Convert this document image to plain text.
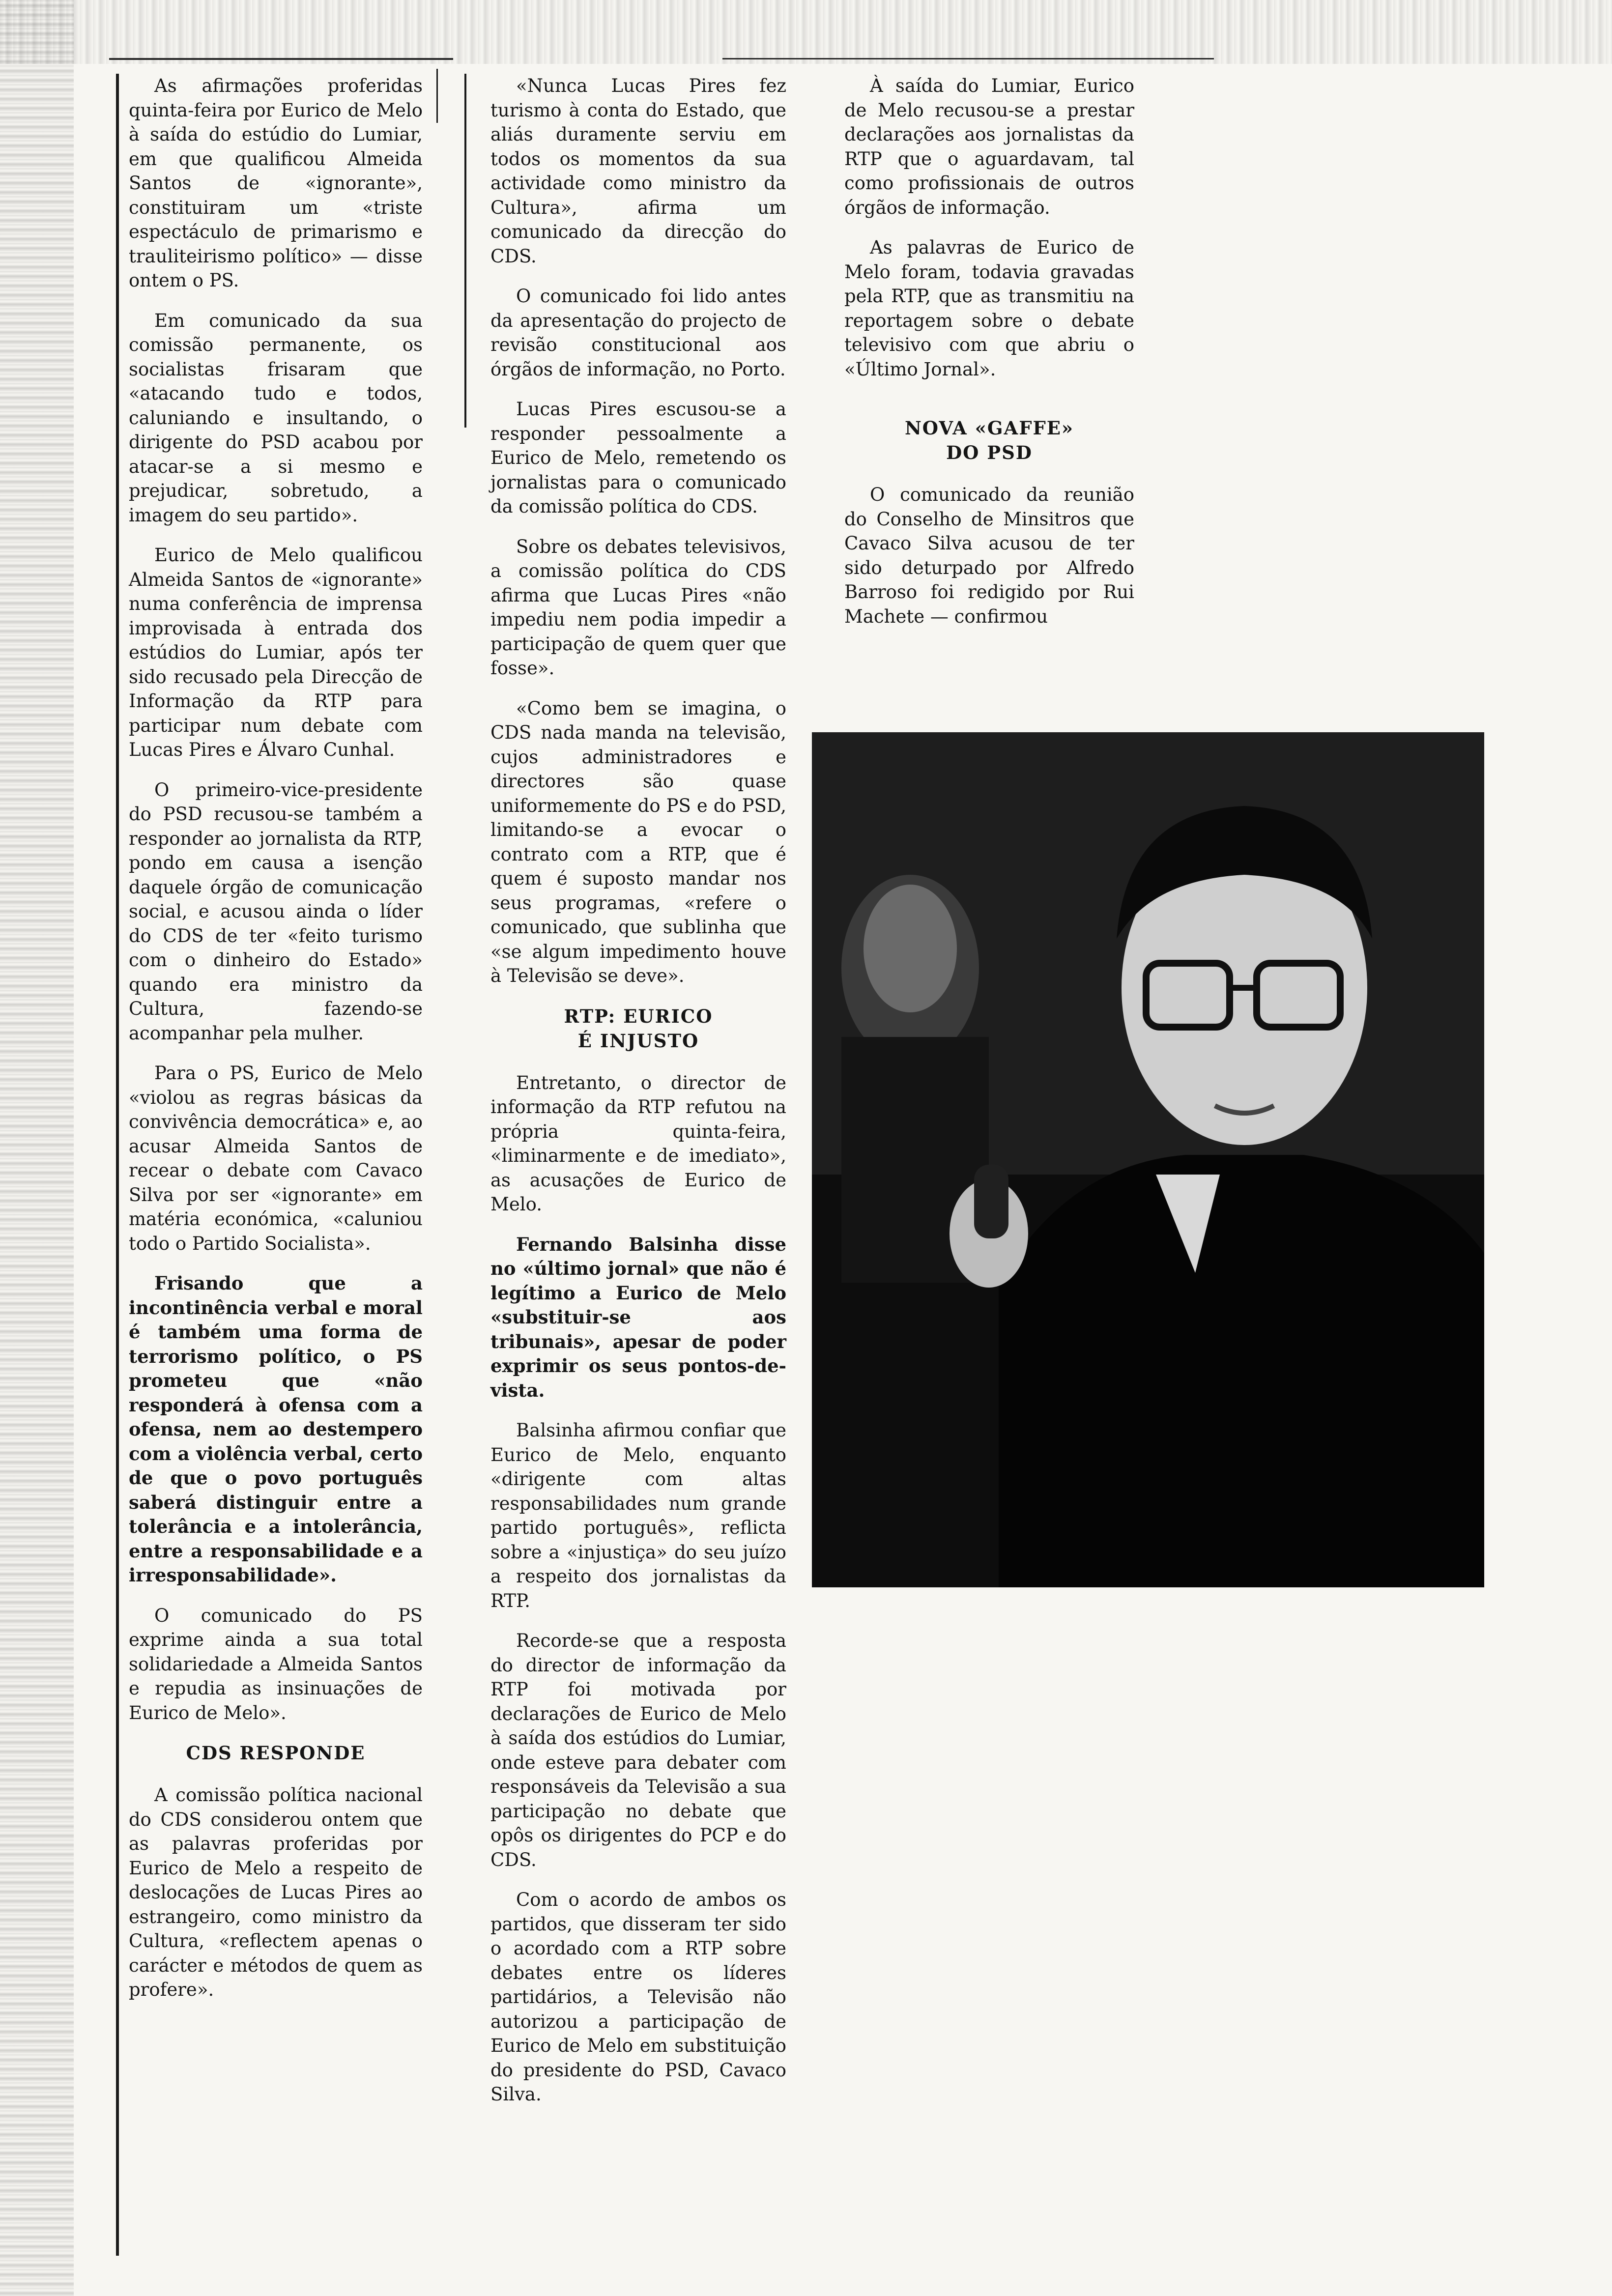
As afirmações proferidas quinta-feira por Eurico de Melo à saída do estúdio do Lumiar, em que qualificou Almeida Santos de «ignorante», constituiram um «triste espectáculo de primarismo e trauliteirismo político» — disse ontem o PS.

Em comunicado da sua comissão permanente, os socialistas frisaram que «atacando tudo e todos, caluniando e insultando, o dirigente do PSD acabou por atacar-se a si mesmo e prejudicar, sobretudo, a imagem do seu partido».

Eurico de Melo qualificou Almeida Santos de «ignorante» numa conferência de imprensa improvisada à entrada dos estúdios do Lumiar, após ter sido recusado pela Direcção de Informação da RTP para participar num debate com Lucas Pires e Álvaro Cunhal.

O primeiro-vice-presidente do PSD recusou-se também a responder ao jornalista da RTP, pondo em causa a isenção daquele órgão de comunicação social, e acusou ainda o líder do CDS de ter «feito turismo com o dinheiro do Estado» quando era ministro da Cultura, fazendo-se acompanhar pela mulher.

Para o PS, Eurico de Melo «violou as regras básicas da convivência democrática» e, ao acusar Almeida Santos de recear o debate com Cavaco Silva por ser «ignorante» em matéria económica, «caluniou todo o Partido Socialista».

Frisando que a incontinência verbal e moral é também uma forma de terrorismo político, o PS prometeu que «não responderá à ofensa com a ofensa, nem ao destempero com a violência verbal, certo de que o povo português saberá distinguir entre a tolerância e a intolerância, entre a responsabilidade e a irresponsabilidade».

O comunicado do PS exprime ainda a sua total solidariedade a Almeida Santos e repudia as insinuações de Eurico de Melo».

CDS RESPONDE

A comissão política nacional do CDS considerou ontem que as palavras proferidas por Eurico de Melo a respeito de deslocações de Lucas Pires ao estrangeiro, como ministro da Cultura, «reflectem apenas o carácter e métodos de quem as profere».

«Nunca Lucas Pires fez turismo à conta do Estado, que aliás duramente serviu em todos os momentos da sua actividade como ministro da Cultura», afirma um comunicado da direcção do CDS.

O comunicado foi lido antes da apresentação do projecto de revisão constitucional aos órgãos de informação, no Porto.

Lucas Pires escusou-se a responder pessoalmente a Eurico de Melo, remetendo os jornalistas para o comunicado da comissão política do CDS.

Sobre os debates televisivos, a comissão política do CDS afirma que Lucas Pires «não impediu nem podia impedir a participação de quem quer que fosse».

«Como bem se imagina, o CDS nada manda na televisão, cujos administradores e directores são quase uniformemente do PS e do PSD, limitando-se a evocar o contrato com a RTP, que é quem é suposto mandar nos seus programas, «refere o comunicado, que sublinha que «se algum impedimento houve à Televisão se deve».

RTP: EURICO
É INJUSTO

Entretanto, o director de informação da RTP refutou na própria quinta-feira, «liminarmente e de imediato», as acusações de Eurico de Melo.

Fernando Balsinha disse no «último jornal» que não é legítimo a Eurico de Melo «substituir-se aos tribunais», apesar de poder exprimir os seus pontos-de-vista.

Balsinha afirmou confiar que Eurico de Melo, enquanto «dirigente com altas responsabilidades num grande partido português», reflicta sobre a «injustiça» do seu juízo a respeito dos jornalistas da RTP.

Recorde-se que a resposta do director de informação da RTP foi motivada por declarações de Eurico de Melo à saída dos estúdios do Lumiar, onde esteve para debater com responsáveis da Televisão a sua participação no debate que opôs os dirigentes do PCP e do CDS.

Com o acordo de ambos os partidos, que disseram ter sido o acordado com a RTP sobre debates entre os líderes partidários, a Televisão não autorizou a participação de Eurico de Melo em substituição do presidente do PSD, Cavaco Silva.

À saída do Lumiar, Eurico de Melo recusou-se a prestar declarações aos jornalistas da RTP que o aguardavam, tal como profissionais de outros órgãos de informação.

As palavras de Eurico de Melo foram, todavia gravadas pela RTP, que as transmitiu na reportagem sobre o debate televisivo com que abriu o «Último Jornal».

NOVA «GAFFE»
DO PSD

O comunicado da reunião do Conselho de Minsitros que Cavaco Silva acusou de ter sido deturpado por Alfredo Barroso foi redigido por Rui Machete — confirmou
